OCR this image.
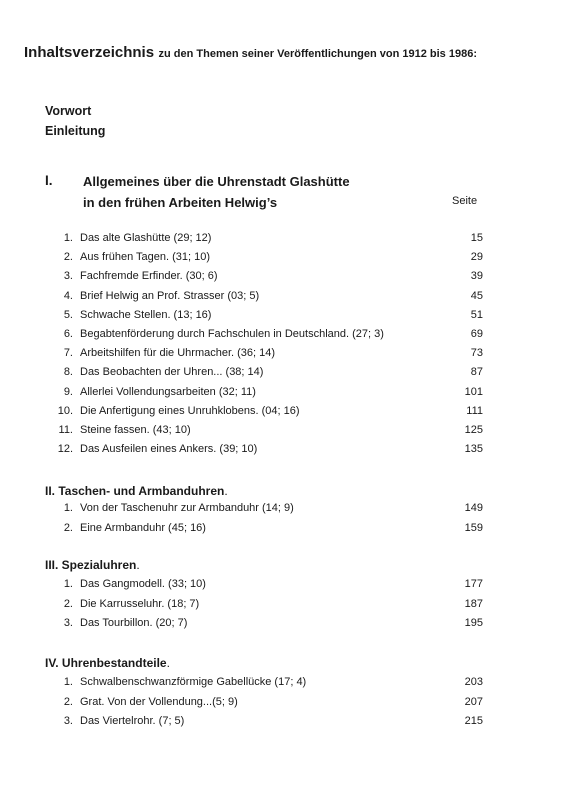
Inhaltsverzeichnis zu den Themen seiner Veröffentlichungen von 1912 bis 1986:
Vorwort
Einleitung
I. Allgemeines über die Uhrenstadt Glashütte
in den frühen Arbeiten Helwig’s	Seite
1. Das alte Glashütte (29; 12)	15
2. Aus frühen Tagen. (31; 10)	29
3. Fachfremde Erfinder. (30; 6)	39
4. Brief Helwig an Prof. Strasser (03; 5)	45
5. Schwache Stellen. (13; 16)	51
6. Begabtenförderung durch Fachschulen in Deutschland. (27; 3)	69
7. Arbeitshilfen für die Uhrmacher. (36; 14)	73
8. Das Beobachten der Uhren... (38; 14)	87
9. Allerlei Vollendungsarbeiten (32; 11)	101
10. Die Anfertigung eines Unruhklobens. (04; 16)	111
11. Steine fassen. (43; 10)	125
12. Das Ausfeilen eines Ankers. (39; 10)	135
II. Taschen- und Armbanduhren.
1. Von der Taschenuhr zur Armbanduhr (14; 9)	149
2. Eine Armbanduhr (45; 16)	159
III. Spezialuhren.
1. Das Gangmodell. (33; 10)	177
2. Die Karrusseluhr. (18; 7)	187
3. Das Tourbillon. (20; 7)	195
IV. Uhrenbestandteile.
1. Schwalbenschwanzförmige Gabellücke (17; 4)	203
2. Grat. Von der Vollendung...(5; 9)	207
3. Das Viertelrohr. (7; 5)	215
